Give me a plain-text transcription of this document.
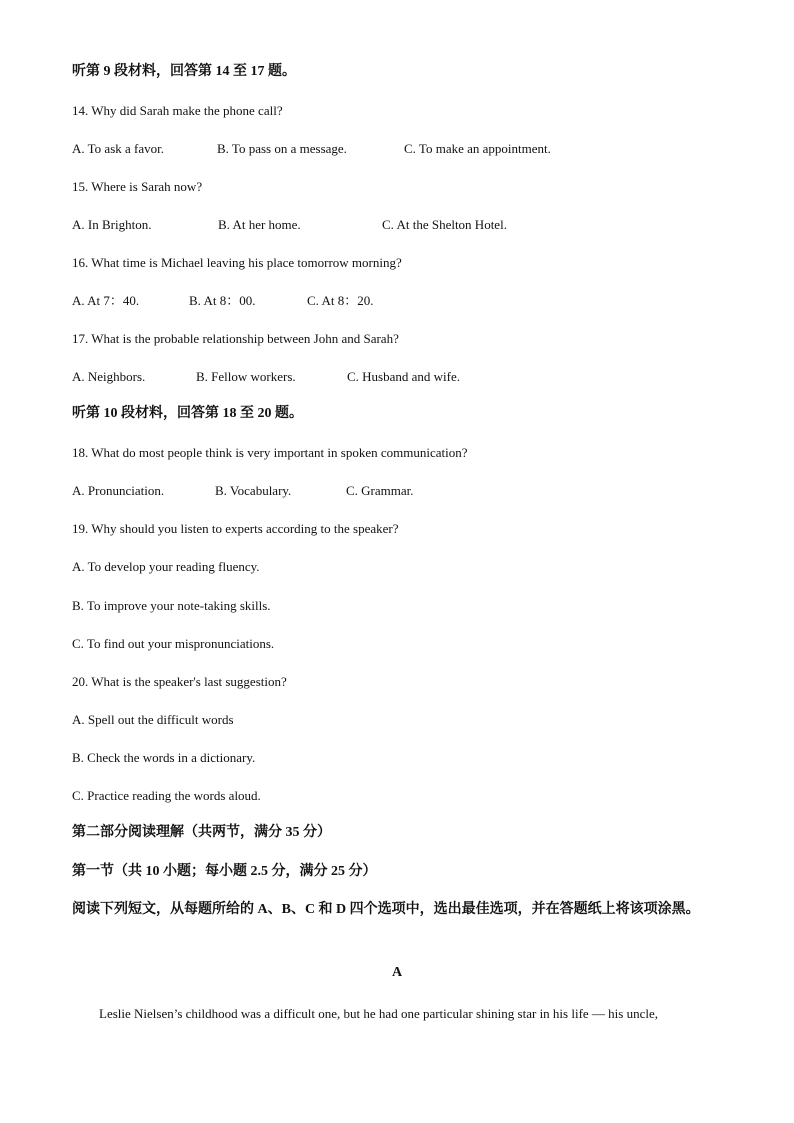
听第 9 段材料，回答第 14 至 17 题。
14. Why did Sarah make the phone call?
A. To ask a favor.	B. To pass on a message.	C. To make an appointment.
15. Where is Sarah now?
A. In Brighton.	B. At her home.	C. At the Shelton Hotel.
16. What time is Michael leaving his place tomorrow morning?
A. At 7：40.	B. At 8：00.	C. At 8：20.
17. What is the probable relationship between John and Sarah?
A. Neighbors.	B. Fellow workers.	C. Husband and wife.
听第 10 段材料，回答第 18 至 20 题。
18. What do most people think is very important in spoken communication?
A. Pronunciation.	B. Vocabulary.	C. Grammar.
19. Why should you listen to experts according to the speaker?
A. To develop your reading fluency.
B. To improve your note-taking skills.
C. To find out your mispronunciations.
20. What is the speaker's last suggestion?
A. Spell out the difficult words
B. Check the words in a dictionary.
C. Practice reading the words aloud.
第二部分阅读理解（共两节，满分 35 分）
第一节（共 10 小题；每小题 2.5 分，满分 25 分）
阅读下列短文，从每题所给的 A、B、C 和 D 四个选项中，选出最佳选项，并在答题纸上将该项涂黑。
A
Leslie Nielsen’s childhood was a difficult one, but he had one particular shining star in his life — his uncle,
